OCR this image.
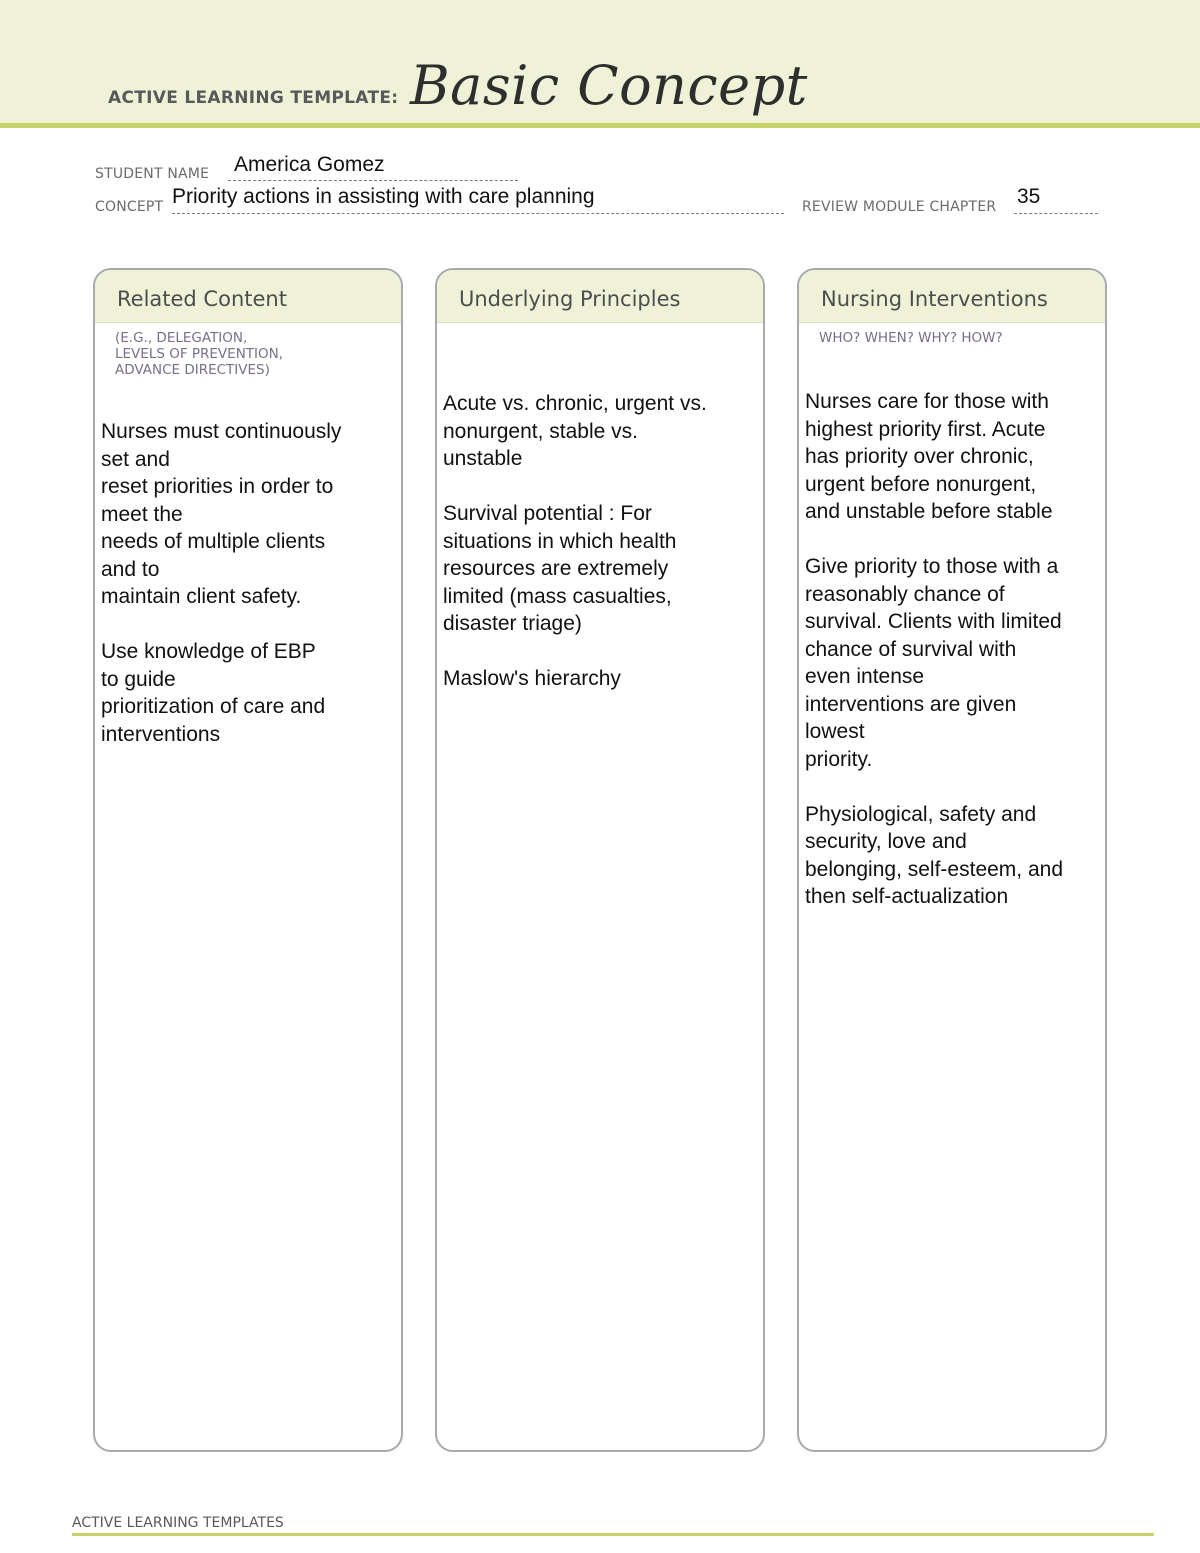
ACTIVE LEARNING TEMPLATE: Basic Concept
STUDENT NAME America Gomez
CONCEPT Priority actions in assisting with care planning	REVIEW MODULE CHAPTER 35
Related Content
(E.G., DELEGATION,
LEVELS OF PREVENTION,
ADVANCE DIRECTIVES)
Nurses must continuously
set and
reset priorities in order to
meet the
needs of multiple clients
and to
maintain client safety.

Use knowledge of EBP
to guide
prioritization of care and
interventions
Underlying Principles
Acute vs. chronic, urgent vs.
nonurgent, stable vs.
unstable

Survival potential : For
situations in which health
resources are extremely
limited (mass casualties,
disaster triage)

Maslow's hierarchy
Nursing Interventions
WHO? WHEN? WHY? HOW?
Nurses care for those with
highest priority first. Acute
has priority over chronic,
urgent before nonurgent,
and unstable before stable

Give priority to those with a
reasonably chance of
survival. Clients with limited
chance of survival with
even intense
interventions are given
lowest
priority.

Physiological, safety and
security, love and
belonging, self-esteem, and
then self-actualization
ACTIVE LEARNING TEMPLATES
